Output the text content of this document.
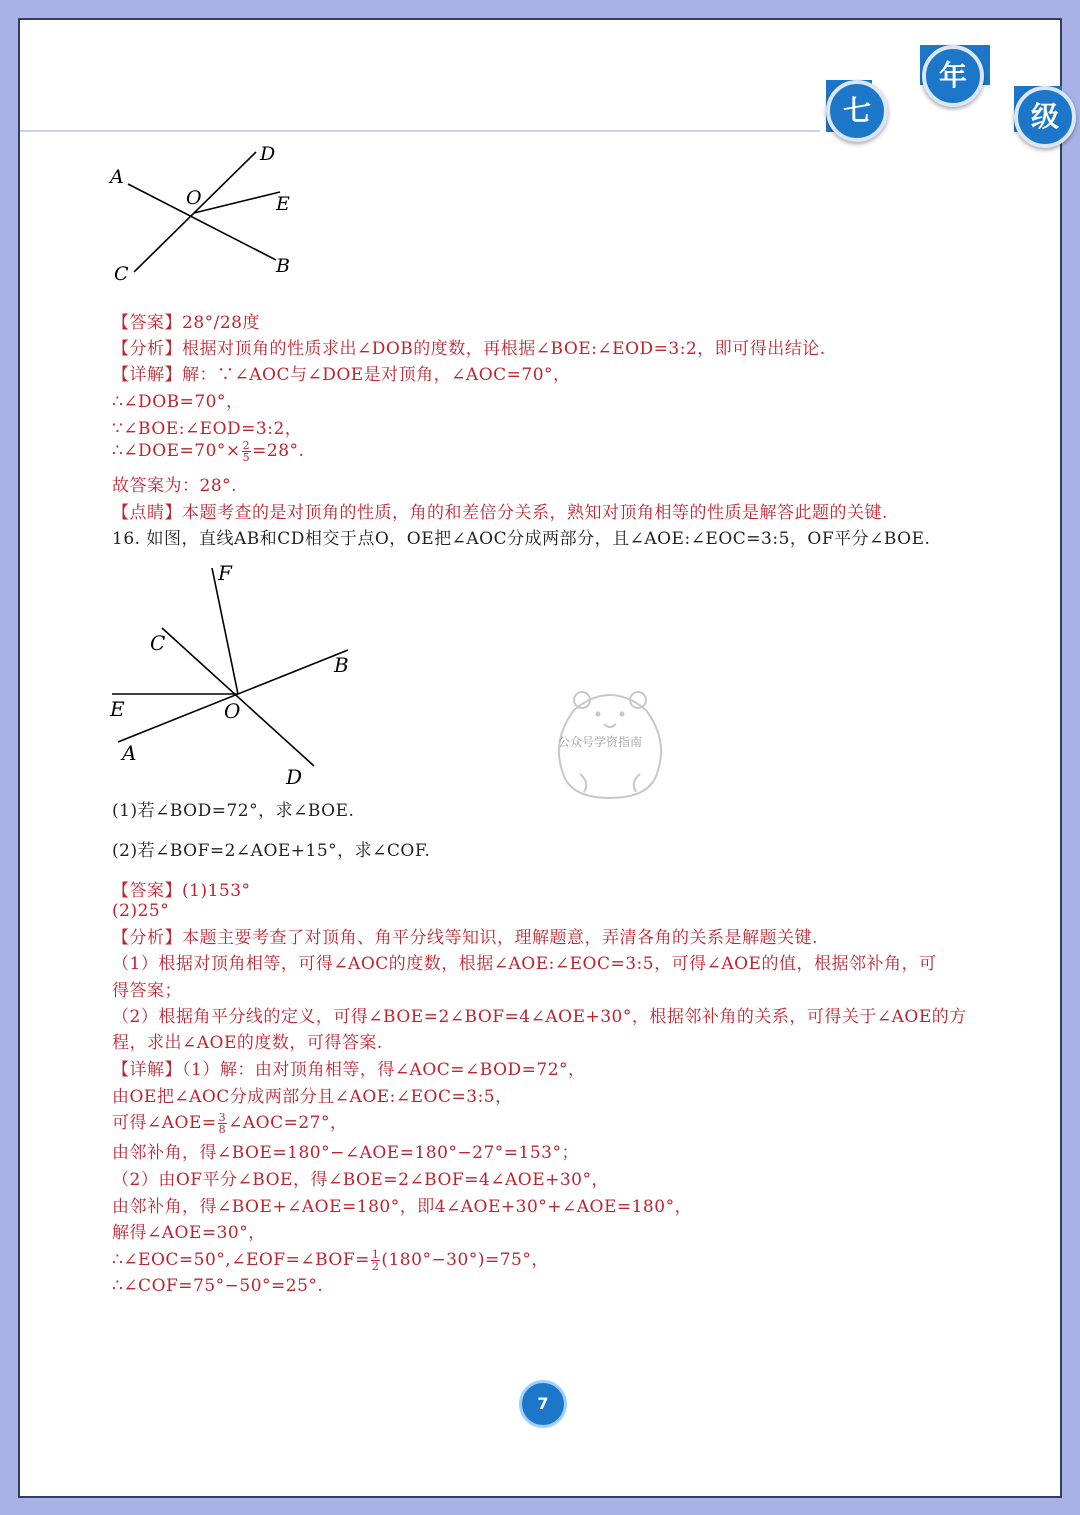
七
年
级
A
D
O	E
C	B
【答案】28°/28度
【分析】根据对顶角的性质求出∠DOB的度数，再根据∠BOE:∠EOD=3:2，即可得出结论.
【详解】解：∵∠AOC与∠DOE是对顶角，∠AOC=70°，
∴∠DOB=70°，
∵∠BOE:∠EOD=3:2，
∴∠DOE=70°× $\frac{2}{5} =28^\circ$.
故答案为：28°.
【点睛】本题考查的是对顶角的性质，角的和差倍分关系，熟知对顶角相等的性质是解答此题的关键.
16. 如图，直线AB和CD相交于点O，OE把∠AOC分成两部分，且∠AOE:∠EOC=3:5，OF平分∠BOE.
F
C
B
E	O
A
D
公众号学资指南
(1)若∠BOD=72°，求∠BOE.
(2)若∠BOF=2∠AOE+15°，求∠COF.
【答案】(1)153°
(2)25°
【分析】本题主要考查了对顶角、角平分线等知识，理解题意，弄清各角的关系是解题关键.
（1）根据对顶角相等，可得∠AOC的度数，根据∠AOE:∠EOC=3:5，可得∠AOE的值，根据邻补角，可
得答案；
（2）根据角平分线的定义，可得∠BOE=2∠BOF=4∠AOE+30°，根据邻补角的关系，可得关于∠AOE的方
程，求出∠AOE的度数，可得答案.
【详解】（1）解：由对顶角相等，得∠AOC=∠BOD=72°，
由OE把∠AOC分成两部分且∠AOE:∠EOC=3:5，
可得∠AOE= $\frac{3}{8}$ ∠AOC=27°，
由邻补角，得∠BOE=180°−∠AOE=180°−27°=153°；
（2）由OF平分∠BOE，得∠BOE=2∠BOF=4∠AOE+30°，
由邻补角，得∠BOE+∠AOE=180°，即4∠AOE+30°+∠AOE=180°，
解得∠AOE=30°，
∴∠EOC=50°,∠EOF=∠BOF= $\frac{1}{2} (180^\circ-30^\circ)=75^\circ$，
∴∠COF=75°−50°=25°.
7
